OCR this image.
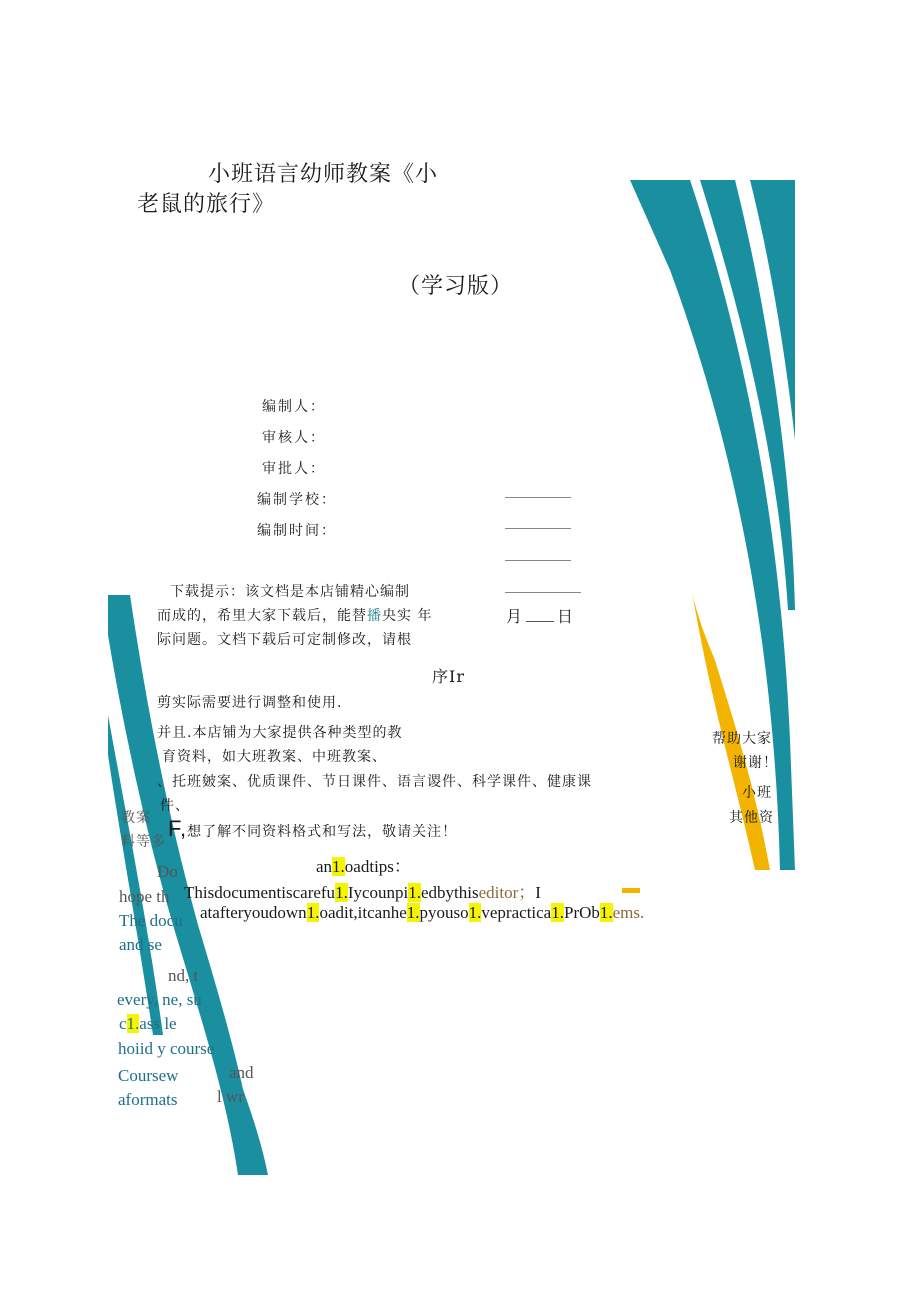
小班语言幼师教案《小
老鼠的旅行》
（学习版）
编制人：
审核人：
审批人：
编制学校：
编制时间：
月 日
下载提示：该文档是本店铺精心编制
而成的，希里大家下载后，能替播央实 年
际问题。文档下载后可定制修改，请根
序Ir
剪实际需要进行调整和使用.
并且.本店铺为大家提供各种类型的教
育资料，如大班教案、中班教案、
、托班皴案、优质课件、节日课件、语言谡件、科学课件、健康课
件、
F,想了解不同资料格式和写法，敬请关注！
帮助大家
谢谢！
小班
其他资
教案
料等多
an1.oadtips：
Thisdocumentiscarefu1.Iycounpi1.edbythiseditor；I
atafteryoudown1.oadit,itcanhe1.pyouso1.vepractica1.PrOb1.ems.
Do
hope th
The docu
and se
nd, t
every, ne, su
c1.ass le
hoiid y course
Coursew	and
aformats l wr
